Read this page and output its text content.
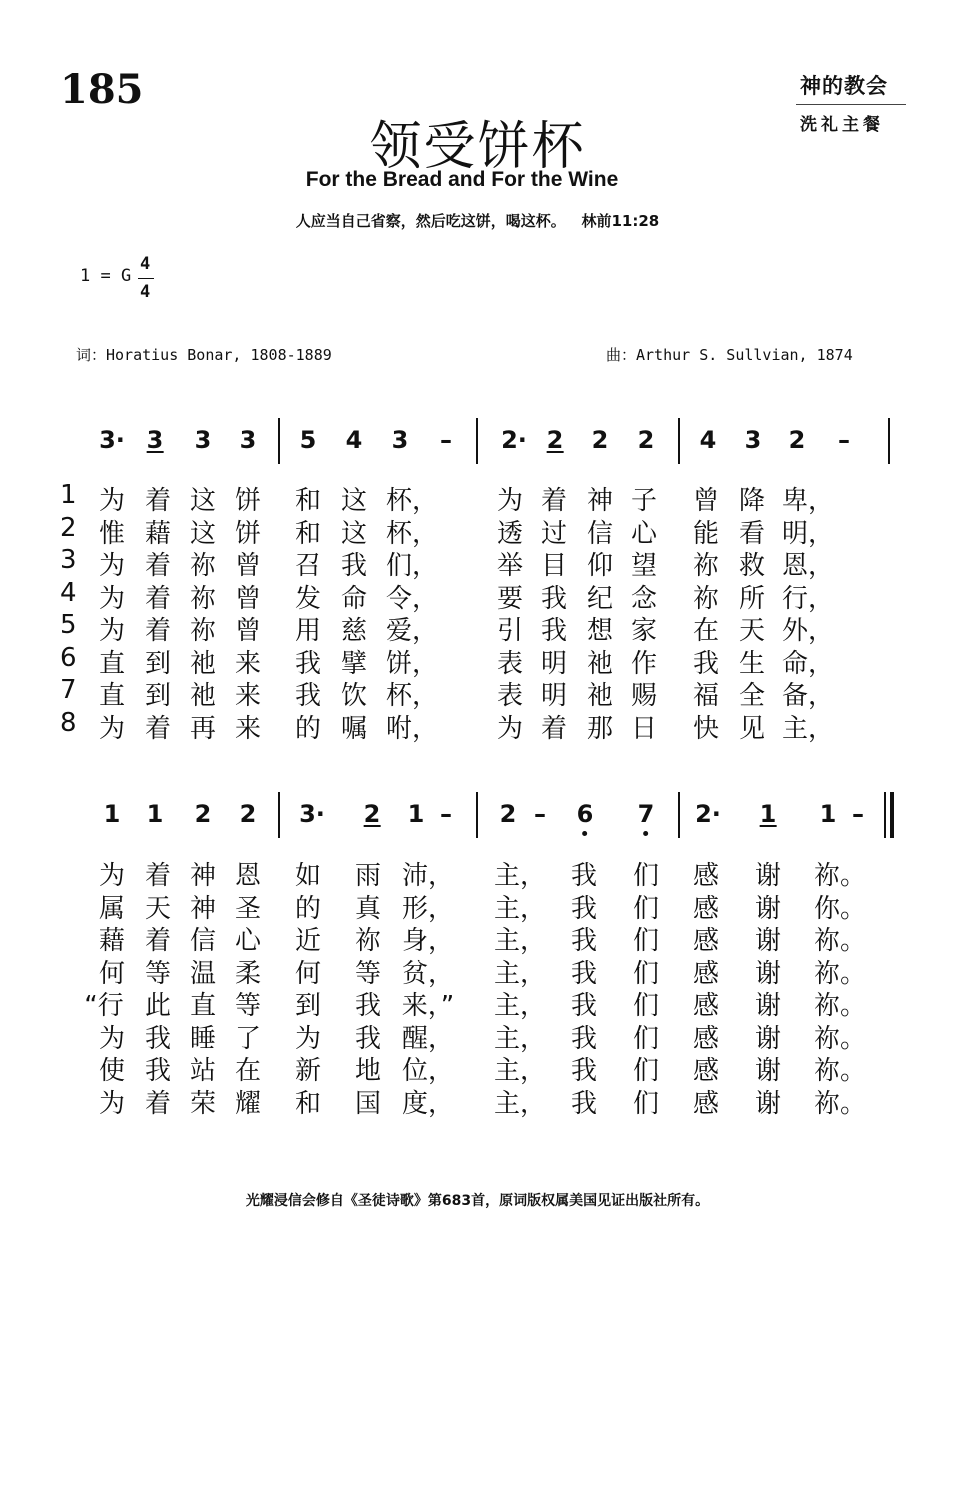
185	神的教会
洗礼主餐
领受饼杯
For the Bread and For the Wine
人应当自己省察，然后吃这饼，喝这杯。   林前11:28
1 = G
4
4
词：Horatius Bonar, 1808-1889	曲：Arthur S. Sullvian, 1874
3· 3 3 3 5 4 3 – 2· 2 2 2 4 3 2 –
1 为 着 这 饼 和 这 杯， 为 着 神 子 曾 降 卑，
2 惟 藉 这 饼 和 这 杯， 透 过 信 心 能 看 明，
3 为 着 祢 曾 召 我 们， 举 目 仰 望 祢 救 恩，
4 为 着 祢 曾 发 命 令， 要 我 纪 念 祢 所 行，
5 为 着 祢 曾 用 慈 爱， 引 我 想 家 在 天 外，
6 直 到 祂 来 我 擘 饼， 表 明 祂 作 我 生 命，
7 直 到 祂 来 我 饮 杯， 表 明 祂 赐 福 全 备，
8 为 着 再 来 的 嘱 咐， 为 着 那 日 快 见 主，
1 1 2 2 3· 2 1 – 2 – 6 7 2· 1 1 –
为 着 神 恩 如 雨 沛， 主， 我 们 感 谢 祢。
属 天 神 圣 的 真 形， 主， 我 们 感 谢 你。
藉 着 信 心 近 祢 身， 主， 我 们 感 谢 祢。
何 等 温 柔 何 等 贫， 主， 我 们 感 谢 祢。
“行 此 直 等 到 我 来，” 主， 我 们 感 谢 祢。
为 我 睡 了 为 我 醒， 主， 我 们 感 谢 祢。
使 我 站 在 新 地 位， 主， 我 们 感 谢 祢。
为 着 荣 耀 和 国 度， 主， 我 们 感 谢 祢。
光耀浸信会修自《圣徒诗歌》第683首，原词版权属美国见证出版社所有。
